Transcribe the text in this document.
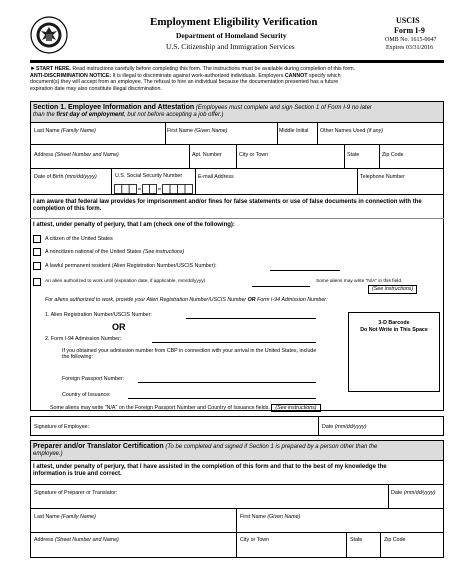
Employment Eligibility Verification
Department of Homeland Security
U.S. Citizenship and Immigration Services
USCIS
Form I-9
OMB No. 1615-0047
Expires 03/31/2016
►START HERE. Read instructions carefully before completing this form. The instructions must be available during completion of this form.
ANTI-DISCRIMINATION NOTICE: It is illegal to discriminate against work-authorized individuals. Employers CANNOT specify which
document(s) they will accept from an employee. The refusal to hire an individual because the documentation presented has a future
expiration date may also constitute illegal discrimination.
Section 1. Employee Information and Attestation (Employees must complete and sign Section 1 of Form I-9 no later
than the first day of employment, but not before accepting a job offer.)
Last Name (Family Name)	First Name (Given Name)	Middle Initial Other Names Used (if any)
Address (Street Number and Name)	Apt. Number	City or Town	State	Zip Code
Date of Birth (mm/dd/yyyy)	U.S. Social Security Number	E-mail Address	Telephone Number
I am aware that federal law provides for imprisonment and/or fines for false statements or use of false documents in connection with the completion of this form.
I attest, under penalty of perjury, that I am (check one of the following):
A citizen of the United States
A noncitizen national of the United States (See instructions)
A lawful permanent resident (Alien Registration Number/USCIS Number):
An alien authorized to work until (expiration date, if applicable, mm/dd/yyyy)	Some aliens may write "N/A" in this field.
(See instructions)
For aliens authorized to work, provide your Alien Registration Number/USCIS Number OR Form I-94 Admission Number:
1. Alien Registration Number/USCIS Number:
OR
2. Form I-94 Admission Number:
3-D Barcode
Do Not Write in This Space
If you obtained your admission number from CBP in connection with your arrival in the United States, include the following:
Foreign Passport Number:
Country of Issuance:
Some aliens may write "N/A" on the Foreign Passport Number and Country of Issuance fields. (See instructions)
Signature of Employee:	Date (mm/dd/yyyy)
Preparer and/or Translator Certification (To be completed and signed if Section 1 is prepared by a person other than the
employee.)
I attest, under penalty of perjury, that I have assisted in the completion of this form and that to the best of my knowledge the
information is true and correct.
Signature of Preparer or Translator:	Date (mm/dd/yyyy)
Last Name (Family Name)	First Name (Given Name)
Address (Street Number and Name)	City or Town	State	Zip Code
